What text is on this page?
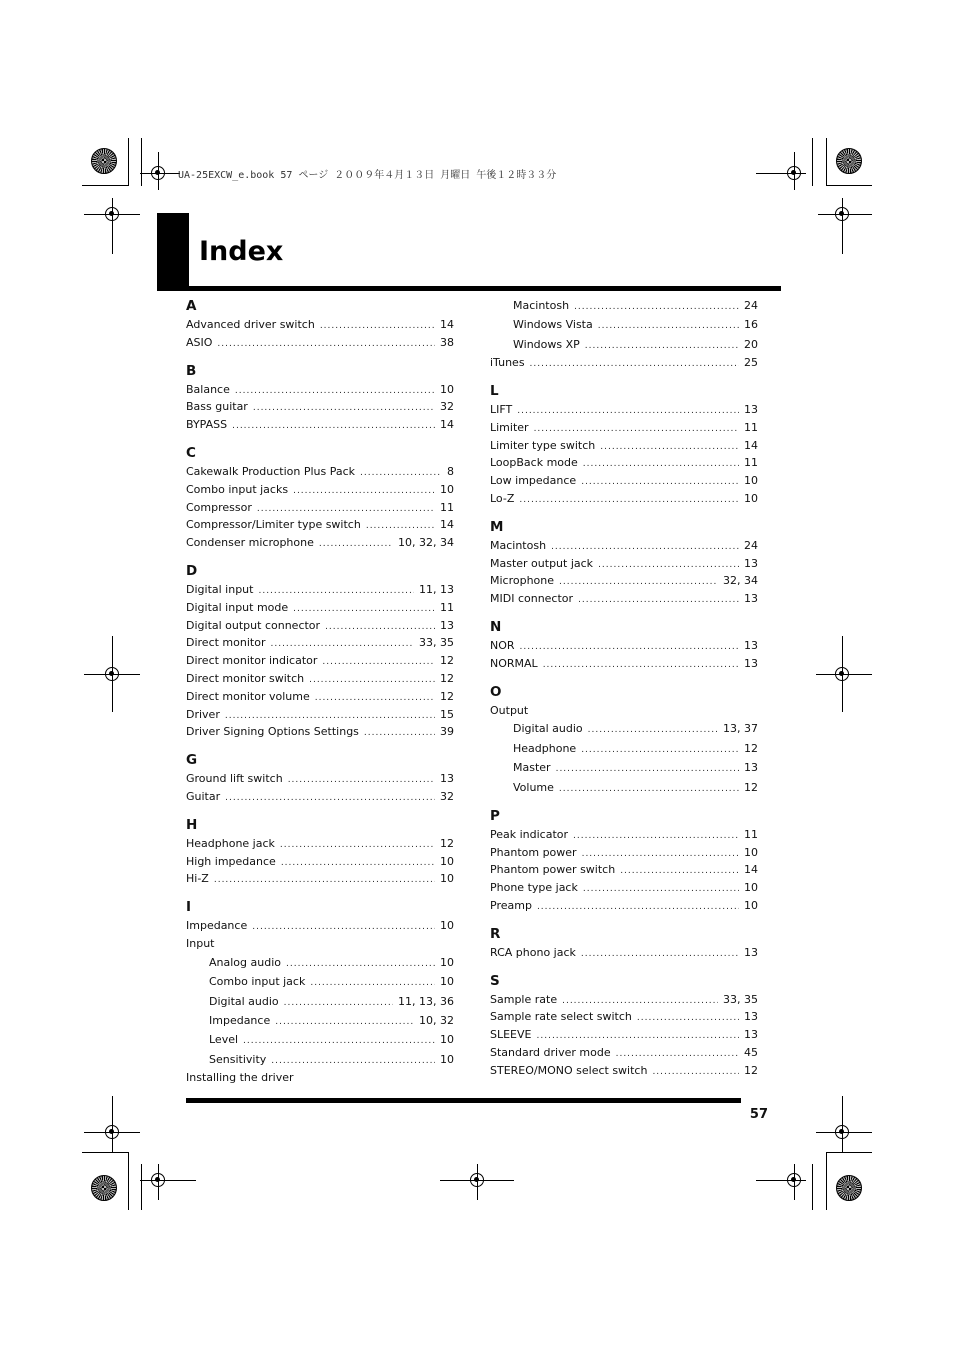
UA-25EXCW_e.book 57 ページ ２００９年４月１３日 月曜日 午後１２時３３分
Index
A
Advanced driver switch .....	14
ASIO .....	38
B
Balance .....	10
Bass guitar .....	32
BYPASS .....	14
C
Cakewalk Production Plus Pack .....	8
Combo input jacks .....	10
Compressor .....	11
Compressor/Limiter type switch .....	14
Condenser microphone .....	10, 32, 34
D
Digital input .....	11, 13
Digital input mode .....	11
Digital output connector .....	13
Direct monitor .....	33, 35
Direct monitor indicator .....	12
Direct monitor switch .....	12
Direct monitor volume .....	12
Driver .....	15
Driver Signing Options Settings .....	39
G
Ground lift switch .....	13
Guitar .....	32
H
Headphone jack .....	12
High impedance .....	10
Hi-Z .....	10
I
Impedance .....	10
Input
Analog audio .....	10
Combo input jack .....	10
Digital audio .....	11, 13, 36
Impedance .....	10, 32
Level .....	10
Sensitivity .....	10
Installing the driver
Macintosh .....	24
Windows Vista .....	16
Windows XP .....	20
iTunes .....	25
L
LIFT .....	13
Limiter .....	11
Limiter type switch .....	14
LoopBack mode .....	11
Low impedance .....	10
Lo-Z .....	10
M
Macintosh .....	24
Master output jack .....	13
Microphone .....	32, 34
MIDI connector .....	13
N
NOR .....	13
NORMAL .....	13
O
Output
Digital audio .....	13, 37
Headphone .....	12
Master .....	13
Volume .....	12
P
Peak indicator .....	11
Phantom power .....	10
Phantom power switch .....	14
Phone type jack .....	10
Preamp .....	10
R
RCA phono jack .....	13
S
Sample rate .....	33, 35
Sample rate select switch .....	13
SLEEVE .....	13
Standard driver mode .....	45
STEREO/MONO select switch .....	12
57
